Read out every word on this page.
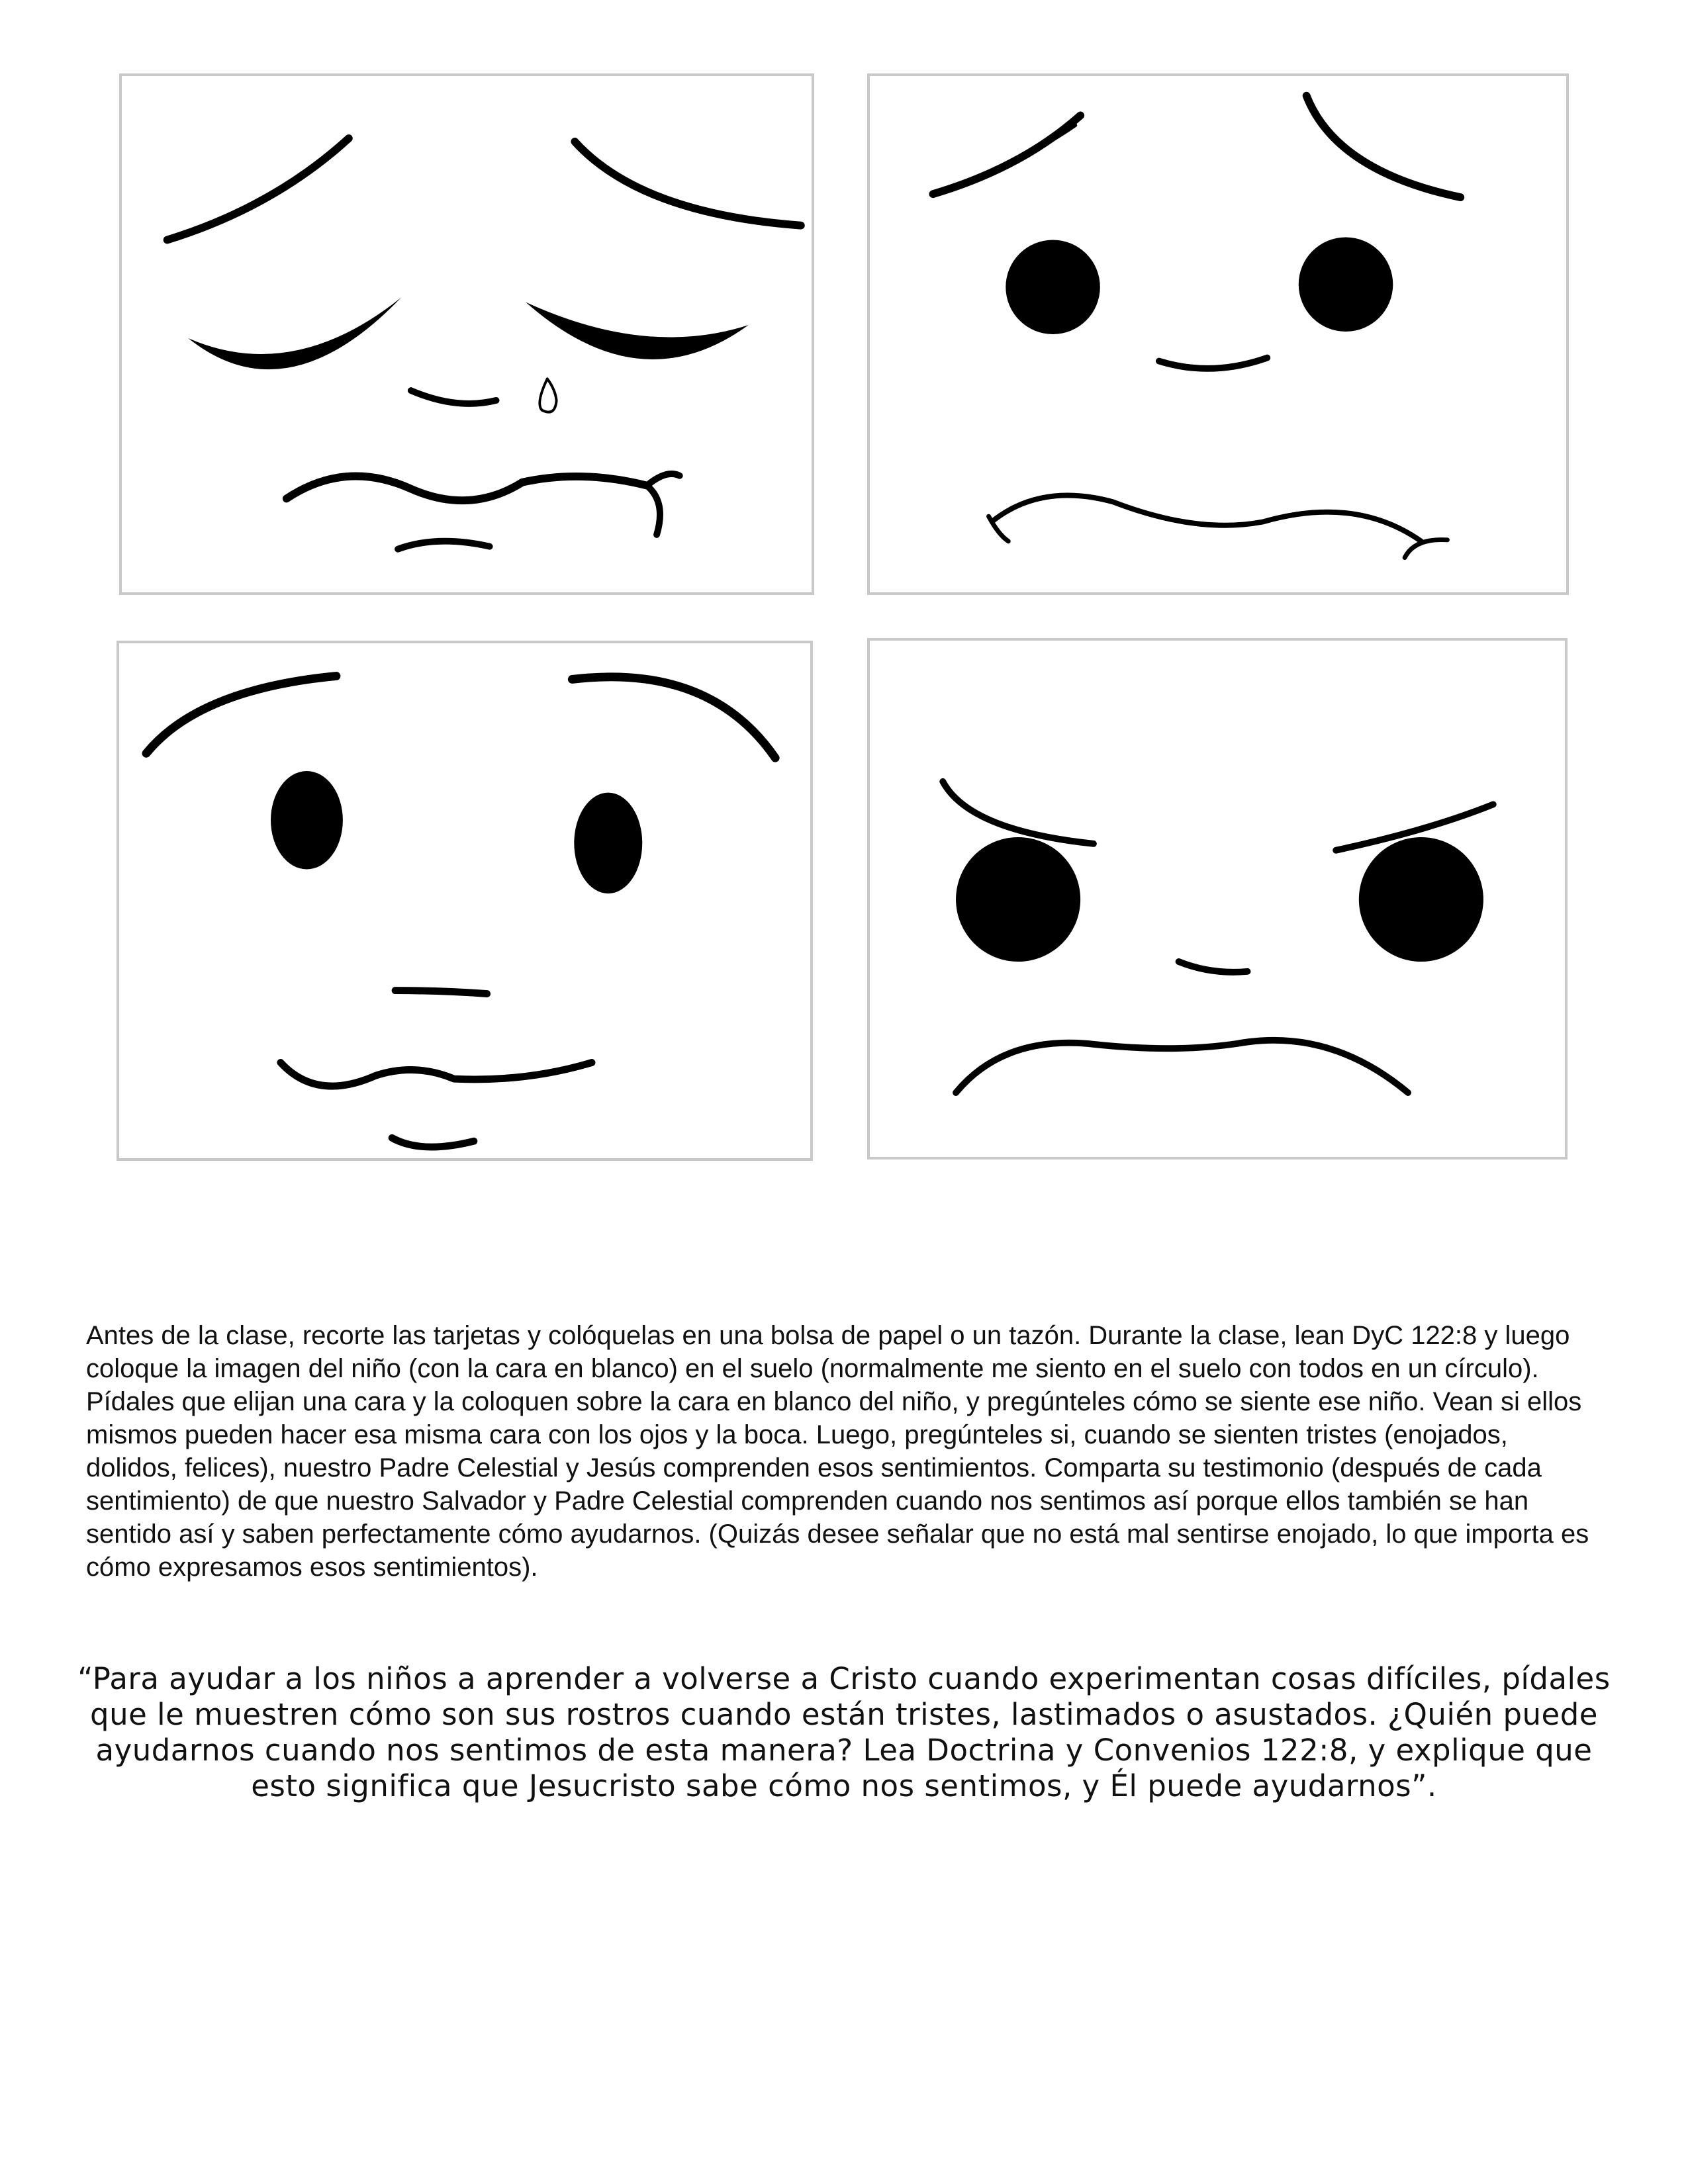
Antes de la clase, recorte las tarjetas y colóquelas en una bolsa de papel o un tazón. Durante la clase, lean DyC 122:8 y luego coloque la imagen del niño (con la cara en blanco) en el suelo (normalmente me siento en el suelo con todos en un círculo). Pídales que elijan una cara y la coloquen sobre la cara en blanco del niño, y pregúnteles cómo se siente ese niño. Vean si ellos mismos pueden hacer esa misma cara con los ojos y la boca. Luego, pregúnteles si, cuando se sienten tristes (enojados, dolidos, felices), nuestro Padre Celestial y Jesús comprenden esos sentimientos. Comparta su testimonio (después de cada sentimiento) de que nuestro Salvador y Padre Celestial comprenden cuando nos sentimos así porque ellos también se han sentido así y saben perfectamente cómo ayudarnos. (Quizás desee señalar que no está mal sentirse enojado, lo que importa es cómo expresamos esos sentimientos).

“Para ayudar a los niños a aprender a volverse a Cristo cuando experimentan cosas difíciles, pídales que le muestren cómo son sus rostros cuando están tristes, lastimados o asustados. ¿Quién puede ayudarnos cuando nos sentimos de esta manera? Lea Doctrina y Convenios 122:8, y explique que esto significa que Jesucristo sabe cómo nos sentimos, y Él puede ayudarnos”.
